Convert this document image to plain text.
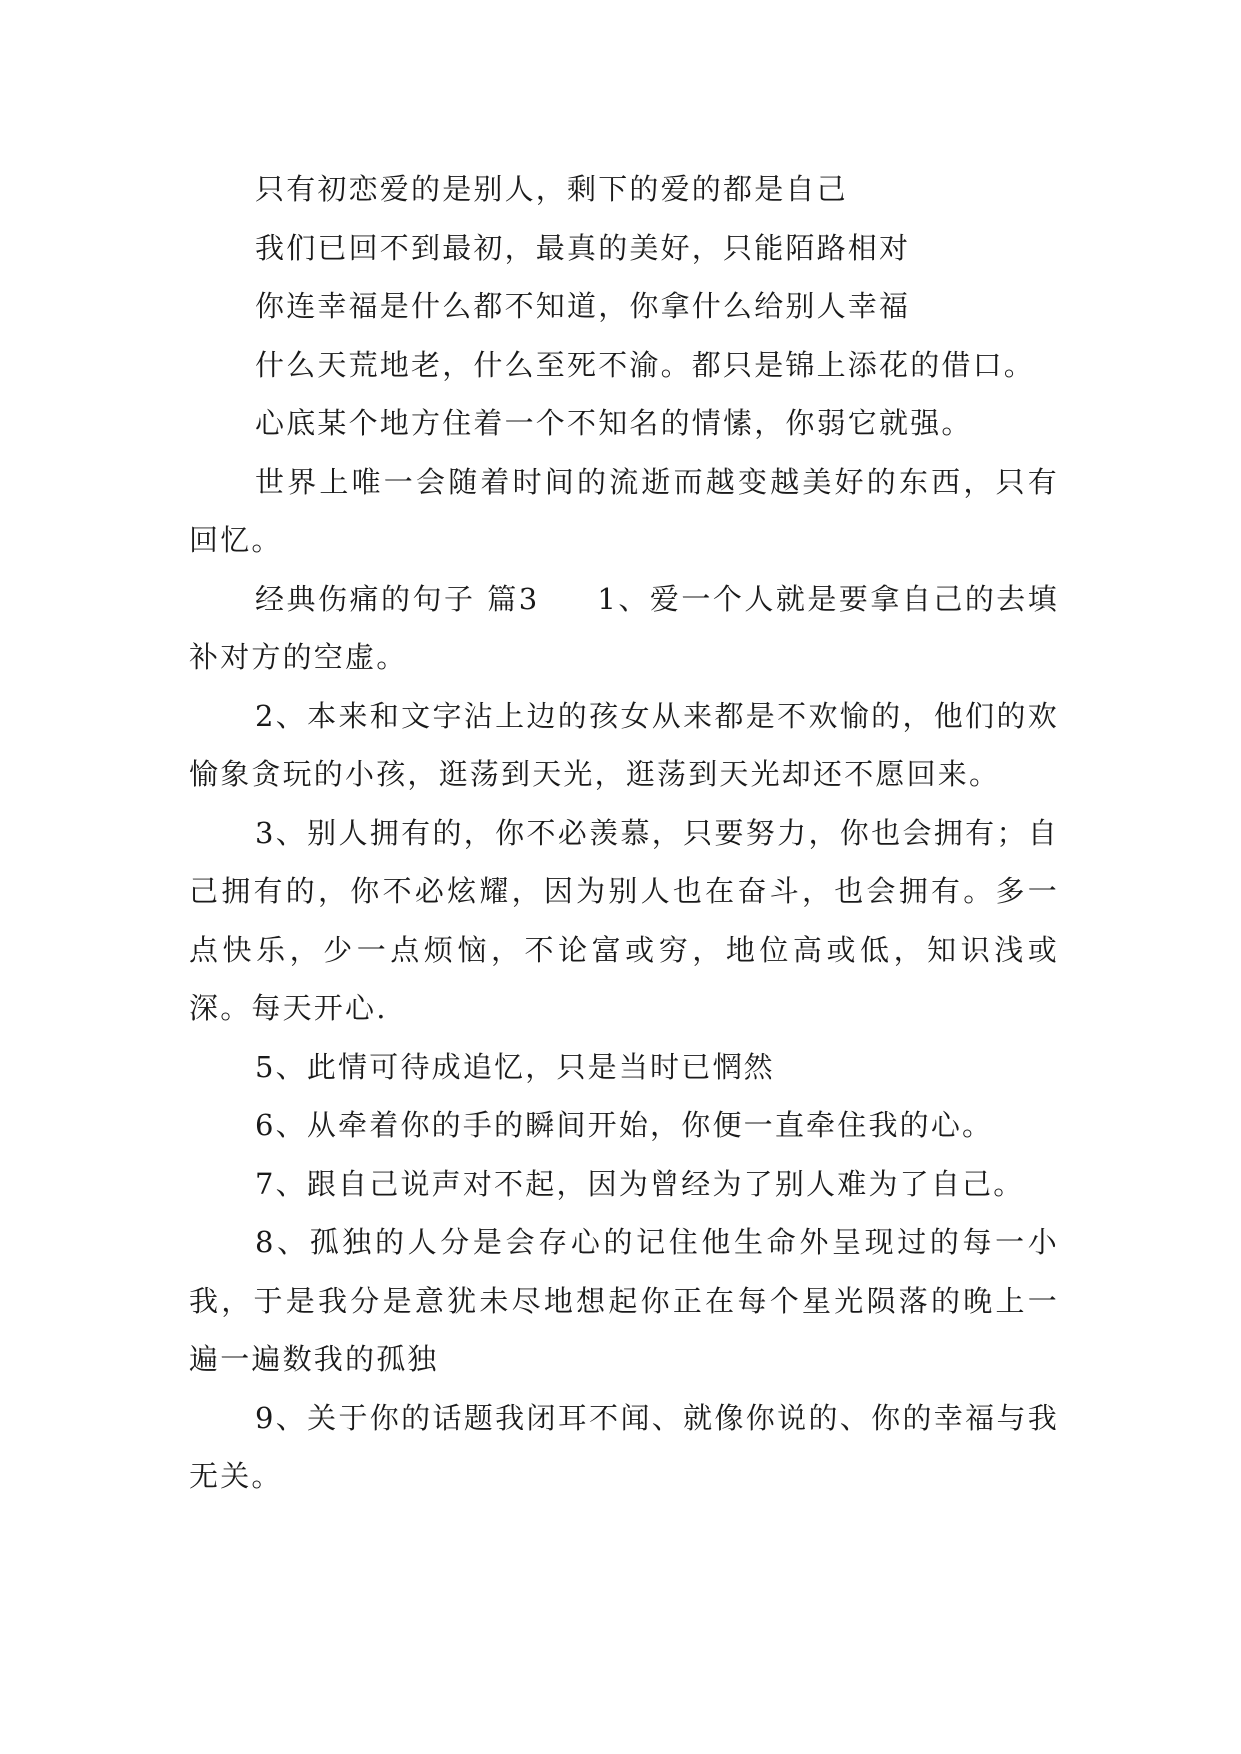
只有初恋爱的是别人，剩下的爱的都是自己

我们已回不到最初，最真的美好，只能陌路相对

你连幸福是什么都不知道，你拿什么给别人幸福

什么天荒地老，什么至死不渝。都只是锦上添花的借口。

心底某个地方住着一个不知名的情愫，你弱它就强。

世界上唯一会随着时间的流逝而越变越美好的东西，只有回忆。

经典伤痛的句子 篇3 1、爱一个人就是要拿自己的去填补对方的空虚。

2、本来和文字沾上边的孩女从来都是不欢愉的，他们的欢愉象贪玩的小孩，逛荡到天光，逛荡到天光却还不愿回来。

3、别人拥有的，你不必羡慕，只要努力，你也会拥有；自己拥有的，你不必炫耀，因为别人也在奋斗，也会拥有。多一点快乐，少一点烦恼，不论富或穷，地位高或低，知识浅或深。每天开心.

5、此情可待成追忆，只是当时已惘然

6、从牵着你的手的瞬间开始，你便一直牵住我的心。

7、跟自己说声对不起，因为曾经为了别人难为了自己。

8、孤独的人分是会存心的记住他生命外呈现过的每一小我，于是我分是意犹未尽地想起你正在每个星光陨落的晚上一遍一遍数我的孤独

9、关于你的话题我闭耳不闻、就像你说的、你的幸福与我无关。
